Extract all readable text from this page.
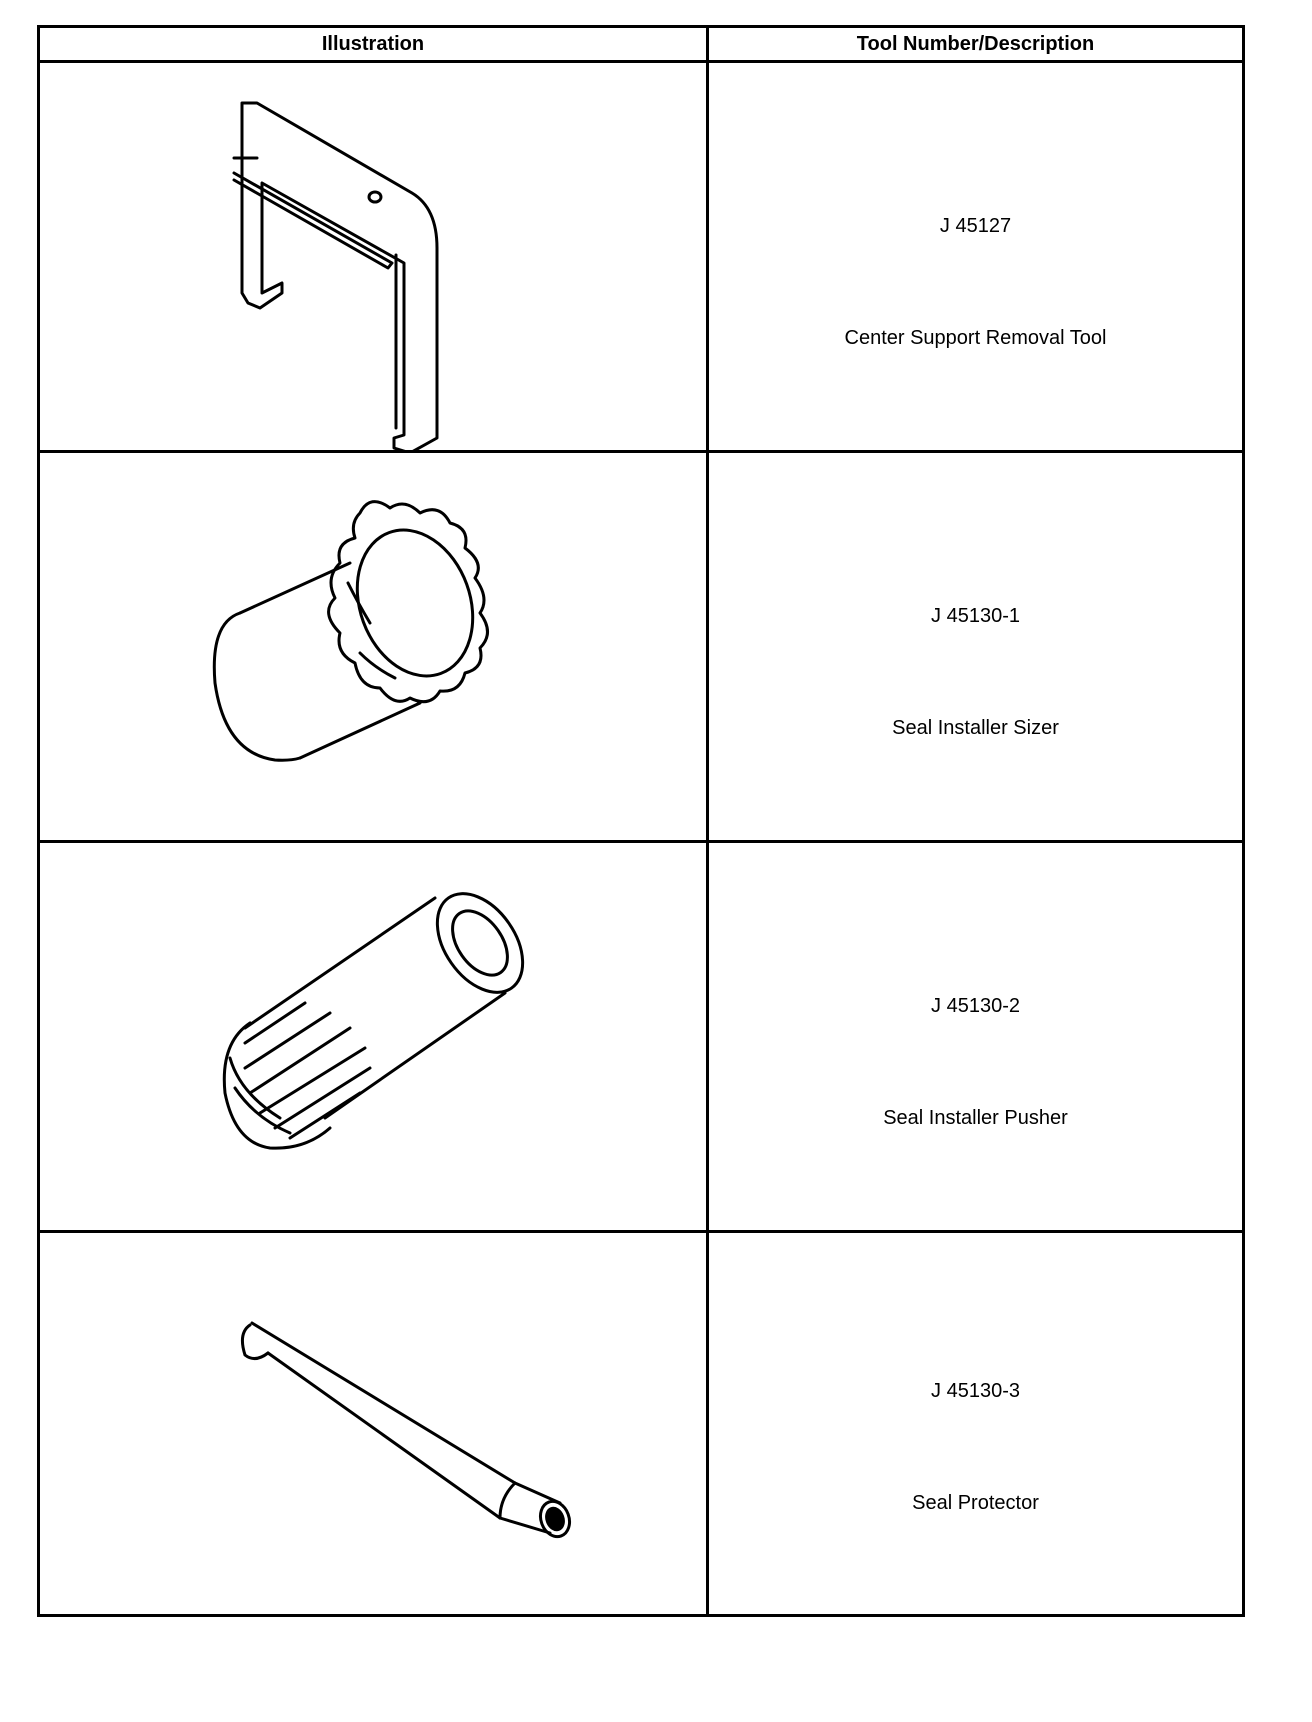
Illustration	Tool Number/Description
J 45127
Center Support Removal Tool
J 45130-1
Seal Installer Sizer
J 45130-2
Seal Installer Pusher
J 45130-3
Seal Protector
